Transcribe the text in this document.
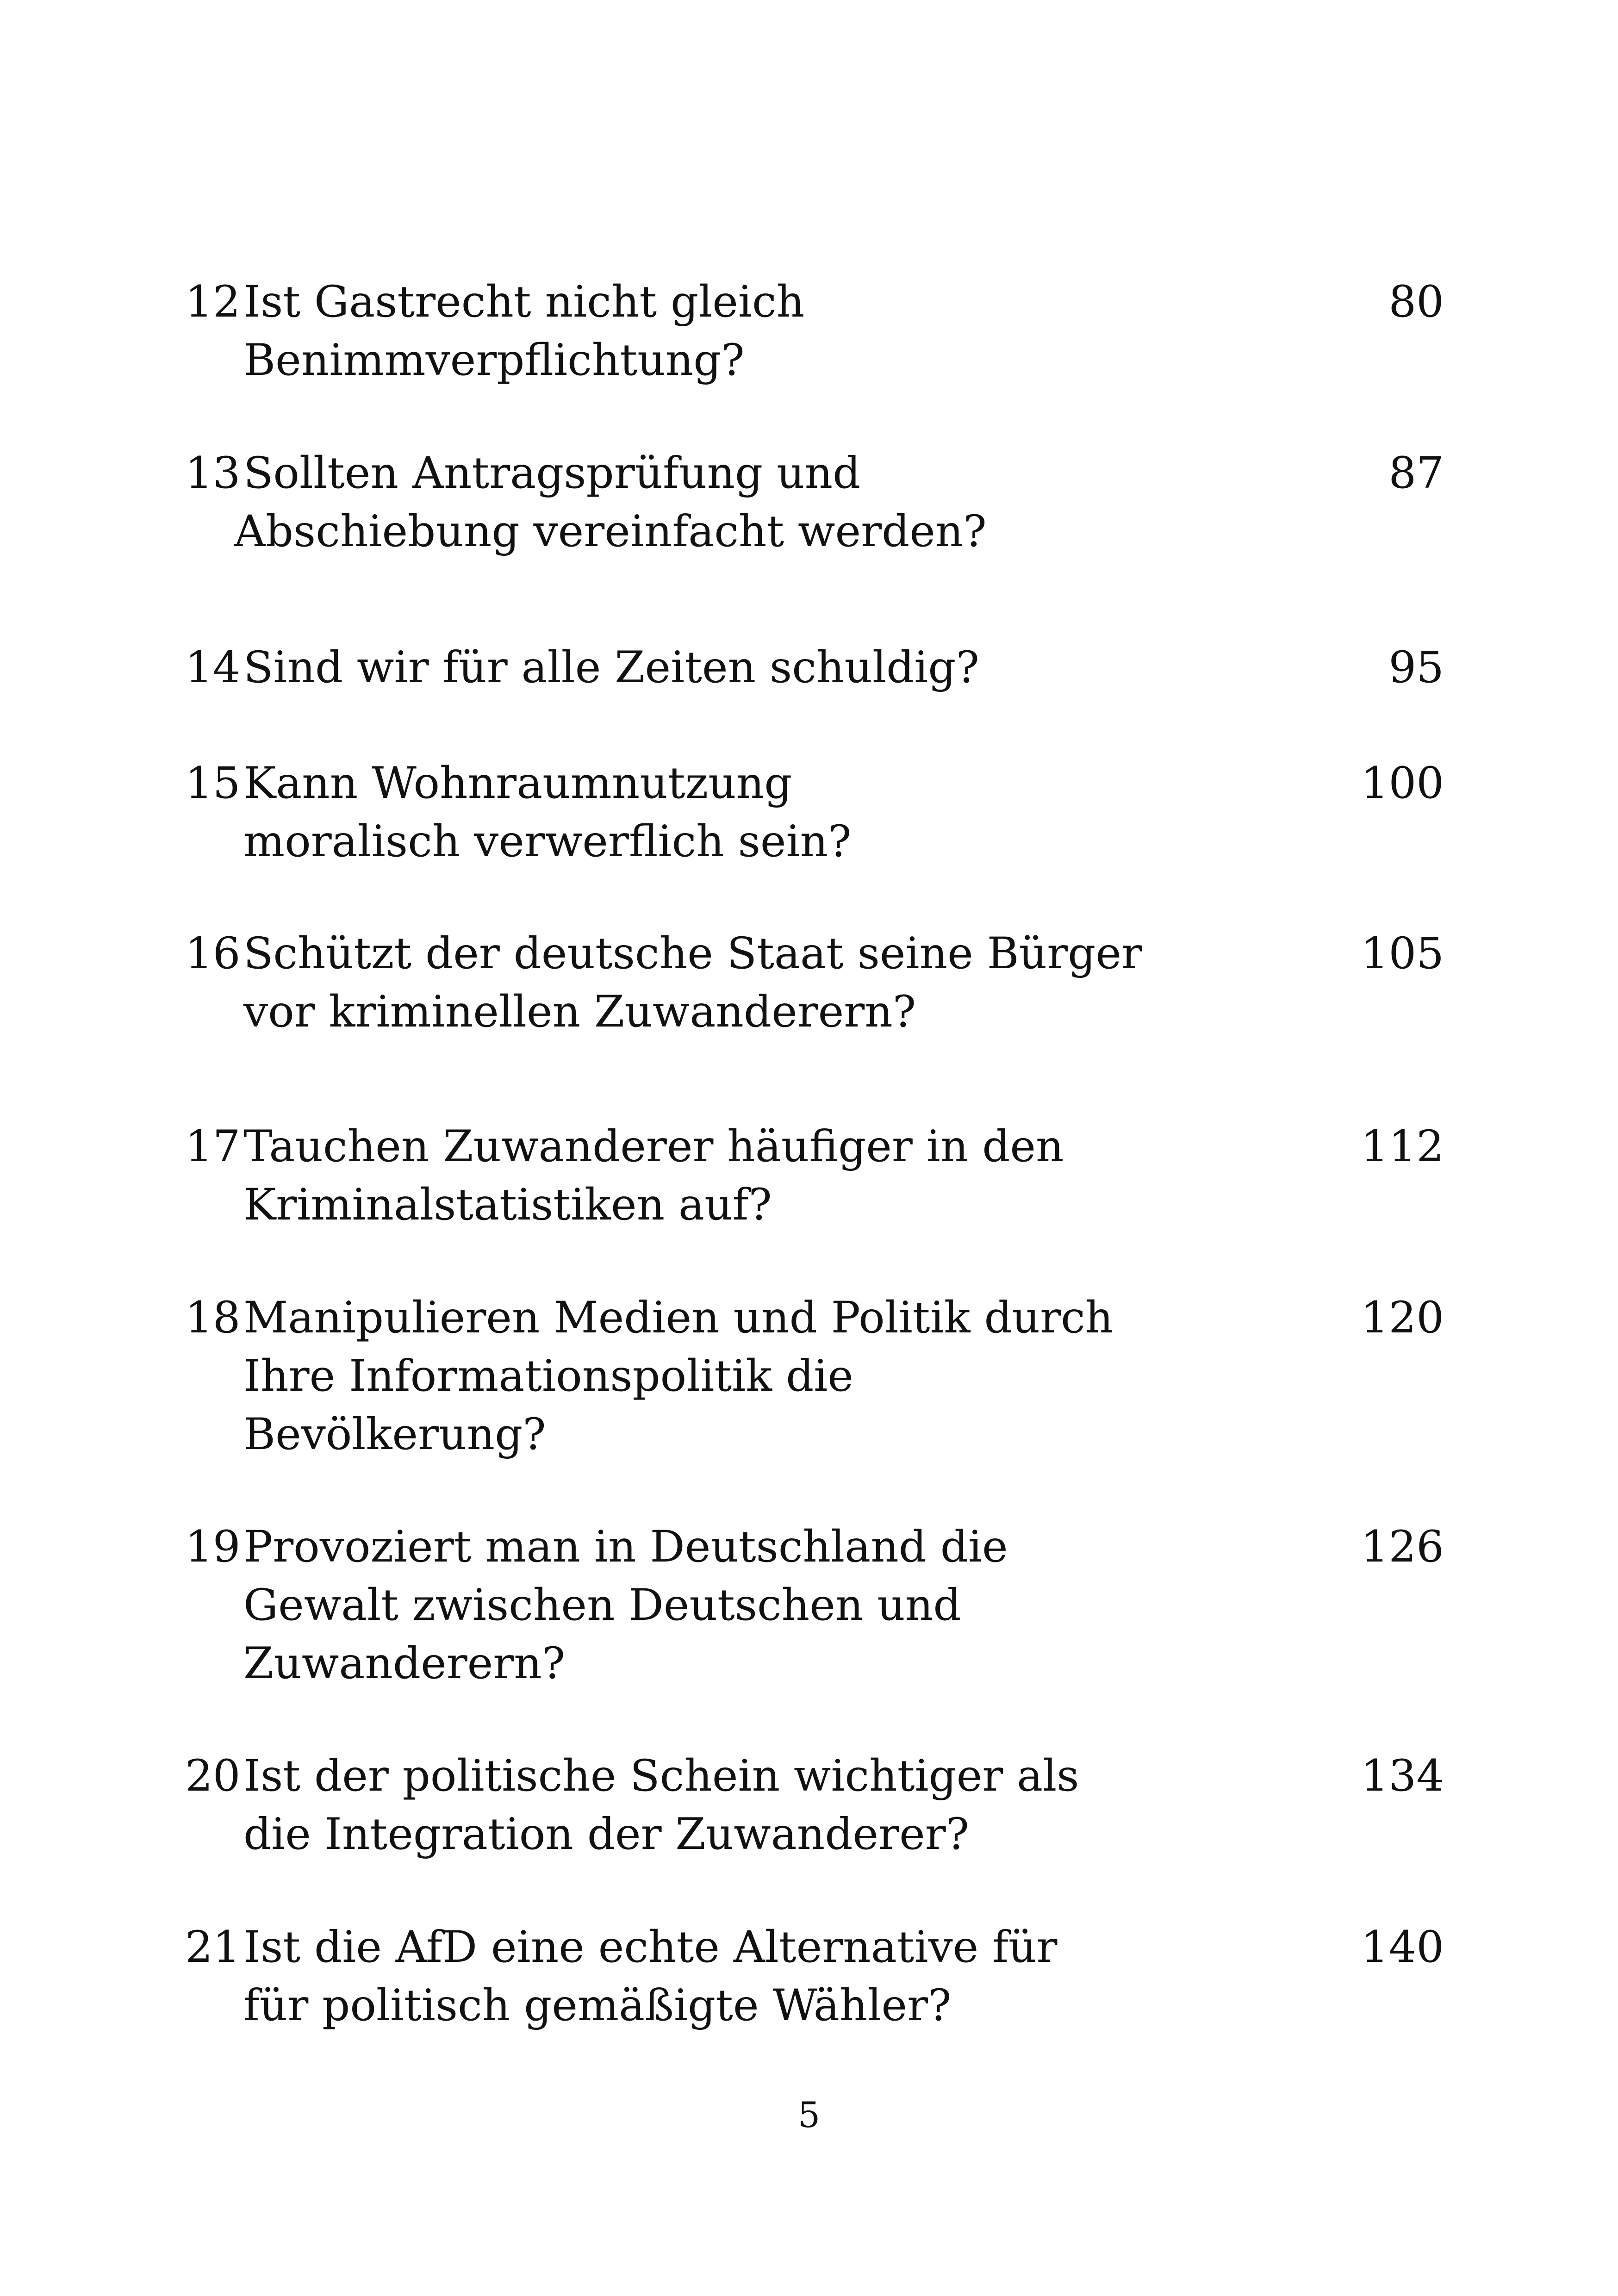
12 Ist Gastrecht nicht gleich
Benimmverpflichtung?
80
13 Sollten Antragsprüfung und
Abschiebung vereinfacht werden?
87
14 Sind wir für alle Zeiten schuldig?	95
15 Kann Wohnraumnutzung
moralisch verwerflich sein?
100
16 Schützt der deutsche Staat seine Bürger
vor kriminellen Zuwanderern?
105
17 Tauchen Zuwanderer häufiger in den
Kriminalstatistiken auf?
112
18 Manipulieren Medien und Politik durch
Ihre Informationspolitik die
Bevölkerung?
120
19 Provoziert man in Deutschland die
Gewalt zwischen Deutschen und
Zuwanderern?
126
20 Ist der politische Schein wichtiger als
die Integration der Zuwanderer?
134
21 Ist die AfD eine echte Alternative für
für politisch gemäßigte Wähler?
140
5
